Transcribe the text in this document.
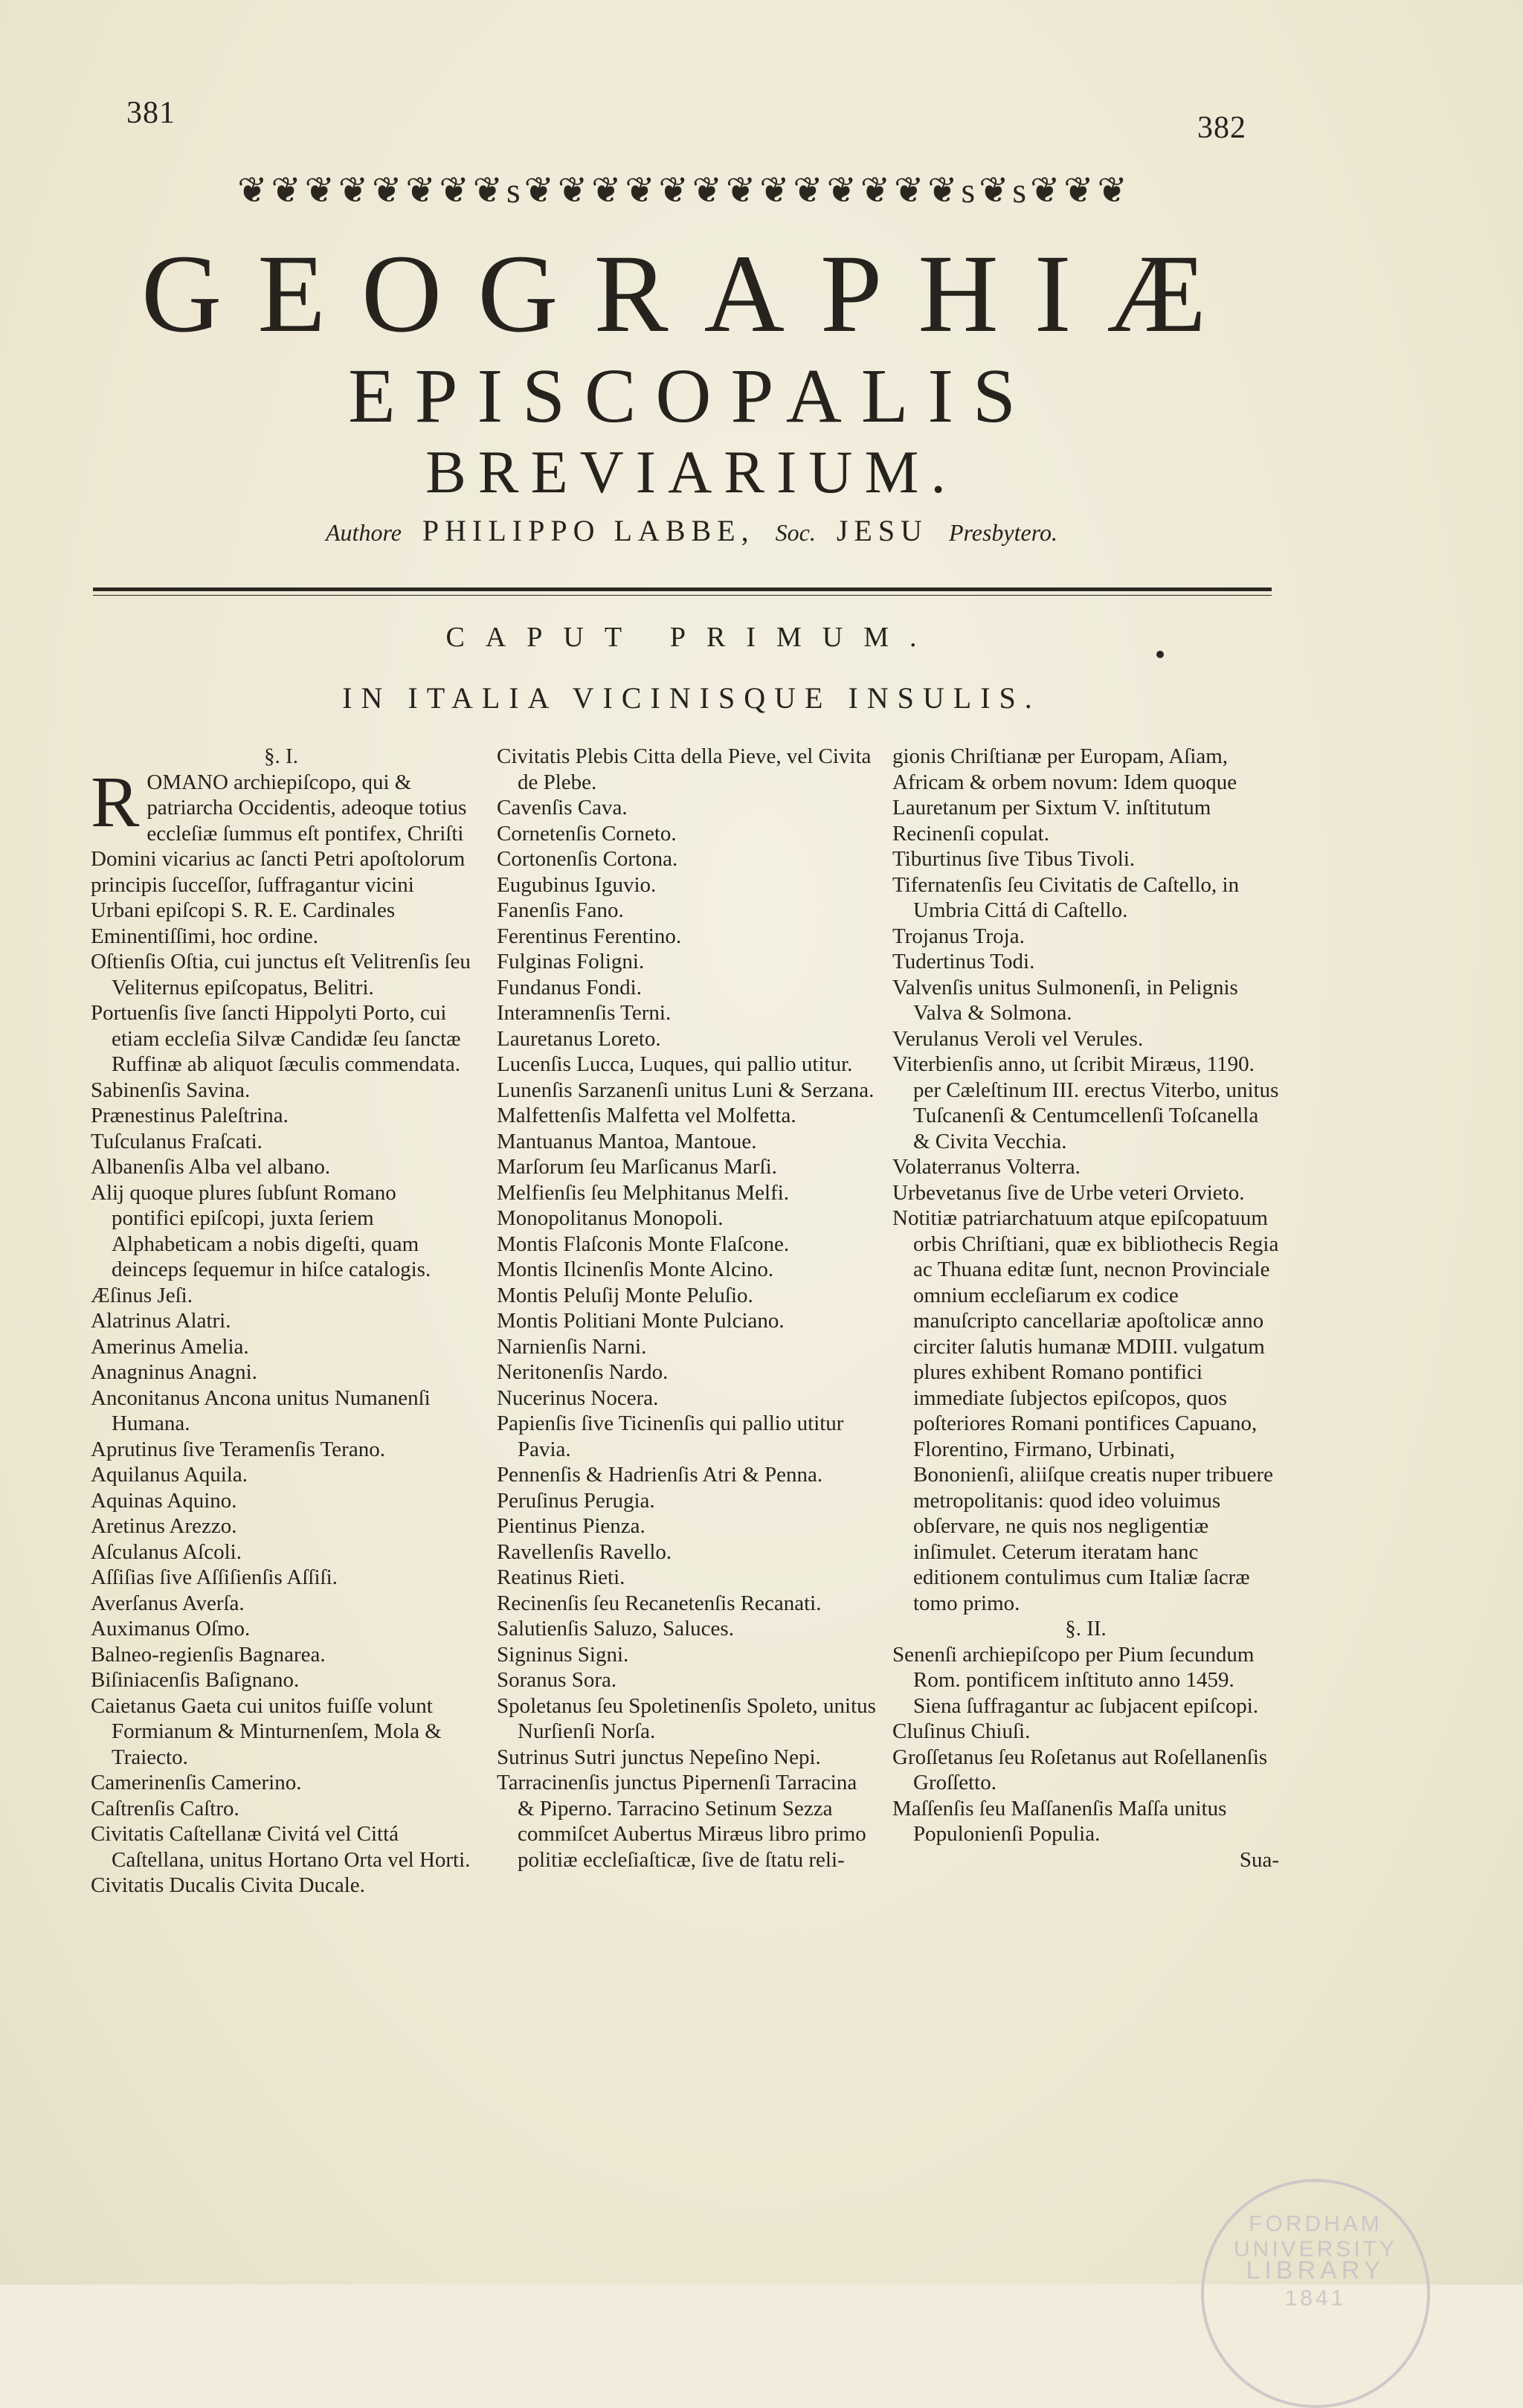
381	382
❦❦❦❦❦❦❦❦s❦❦❦❦❦❦❦❦❦❦❦❦❦s❦s❦❦❦
GEOGRAPHIÆ
EPISCOPALIS
BREVIARIUM.
Authore PHILIPPO LABBE, Soc. JESU Presbytero.
CAPUT PRIMUM.
IN ITALIA VICINISQUE INSULIS.

§. I.

ROMANO archiepiſcopo, qui & patriarcha Occidentis, adeoque totius eccleſiæ ſummus eſt pontifex, Chriſti Domini vicarius ac ſancti Petri apoſtolorum principis ſucceſſor, ſuffragantur vicini Urbani epiſcopi S. R. E. Cardinales Eminentiſſimi, hoc ordine.

Oſtienſis Oſtia, cui junctus eſt Velitrenſis ſeu Veliternus epiſcopatus, Belitri.

Portuenſis ſive ſancti Hippolyti Porto, cui etiam eccleſia Silvæ Candidæ ſeu ſanctæ Ruffinæ ab aliquot ſæculis commendata.

Sabinenſis Savina.

Prænestinus Paleſtrina.

Tuſculanus Fraſcati.

Albanenſis Alba vel albano.

Alij quoque plures ſubſunt Romano pontifici epiſcopi, juxta ſeriem Alphabeticam a nobis digeſti, quam deinceps ſequemur in hiſce catalogis.

Æſinus Jeſi.

Alatrinus Alatri.

Amerinus Amelia.

Anagninus Anagni.

Anconitanus Ancona unitus Numanenſi Humana.

Aprutinus ſive Teramenſis Terano.

Aquilanus Aquila.

Aquinas Aquino.

Aretinus Arezzo.

Aſculanus Aſcoli.

Aſſiſias ſive Aſſiſienſis Aſſiſi.

Averſanus Averſa.

Auximanus Oſmo.

Balneo-regienſis Bagnarea.

Biſiniacenſis Baſignano.

Caietanus Gaeta cui unitos fuiſſe volunt Formianum & Minturnenſem, Mola & Traiecto.

Camerinenſis Camerino.

Caſtrenſis Caſtro.

Civitatis Caſtellanæ Civitá vel Cittá Caſtellana, unitus Hortano Orta vel Horti.

Civitatis Ducalis Civita Ducale.

Civitatis Plebis Citta della Pieve, vel Civita de Plebe.

Cavenſis Cava.

Cornetenſis Corneto.

Cortonenſis Cortona.

Eugubinus Iguvio.

Fanenſis Fano.

Ferentinus Ferentino.

Fulginas Foligni.

Fundanus Fondi.

Interamnenſis Terni.

Lauretanus Loreto.

Lucenſis Lucca, Luques, qui pallio utitur.

Lunenſis Sarzanenſi unitus Luni & Serzana.

Malfettenſis Malfetta vel Molfetta.

Mantuanus Mantoa, Mantoue.

Marſorum ſeu Marſicanus Marſi.

Melfienſis ſeu Melphitanus Melfi.

Monopolitanus Monopoli.

Montis Flaſconis Monte Flaſcone.

Montis Ilcinenſis Monte Alcino.

Montis Peluſij Monte Peluſio.

Montis Politiani Monte Pulciano.

Narnienſis Narni.

Neritonenſis Nardo.

Nucerinus Nocera.

Papienſis ſive Ticinenſis qui pallio utitur Pavia.

Pennenſis & Hadrienſis Atri & Penna.

Peruſinus Perugia.

Pientinus Pienza.

Ravellenſis Ravello.

Reatinus Rieti.

Recinenſis ſeu Recanetenſis Recanati.

Salutienſis Saluzo, Saluces.

Signinus Signi.

Soranus Sora.

Spoletanus ſeu Spoletinenſis Spoleto, unitus Nurſienſi Norſa.

Sutrinus Sutri junctus Nepeſino Nepi.

Tarracinenſis junctus Pipernenſi Tarracina & Piperno. Tarracino Setinum Sezza commiſcet Aubertus Miræus libro primo politiæ eccleſiaſticæ, ſive de ſtatu reli-

gionis Chriſtianæ per Europam, Aſiam, Africam & orbem novum: Idem quoque Lauretanum per Sixtum V. inſtitutum Recinenſi copulat.

Tiburtinus ſive Tibus Tivoli.

Tifernatenſis ſeu Civitatis de Caſtello, in Umbria Cittá di Caſtello.

Trojanus Troja.

Tudertinus Todi.

Valvenſis unitus Sulmonenſi, in Pelignis Valva & Solmona.

Verulanus Veroli vel Verules.

Viterbienſis anno, ut ſcribit Miræus, 1190. per Cæleſtinum III. erectus Viterbo, unitus Tuſcanenſi & Centumcellenſi Toſcanella & Civita Vecchia.

Volaterranus Volterra.

Urbevetanus ſive de Urbe veteri Orvieto.

Notitiæ patriarchatuum atque epiſcopatuum orbis Chriſtiani, quæ ex bibliothecis Regia ac Thuana editæ ſunt, necnon Provinciale omnium eccleſiarum ex codice manuſcripto cancellariæ apoſtolicæ anno circiter ſalutis humanæ MDIII. vulgatum plures exhibent Romano pontifici immediate ſubjectos epiſcopos, quos poſteriores Romani pontifices Capuano, Florentino, Firmano, Urbinati, Bononienſi, aliiſque creatis nuper tribuere metropolitanis: quod ideo voluimus obſervare, ne quis nos negligentiæ inſimulet. Ceterum iteratam hanc editionem contulimus cum Italiæ ſacræ tomo primo.

§. II.

Senenſi archiepiſcopo per Pium ſecundum Rom. pontificem inſtituto anno 1459. Siena ſuffragantur ac ſubjacent epiſcopi.

Cluſinus Chiuſi.

Groſſetanus ſeu Roſetanus aut Roſellanenſis Groſſetto.

Maſſenſis ſeu Maſſanenſis Maſſa unitus Populonienſi Populia.

Sua-

FORDHAM UNIVERSITY
LIBRARY
1841
